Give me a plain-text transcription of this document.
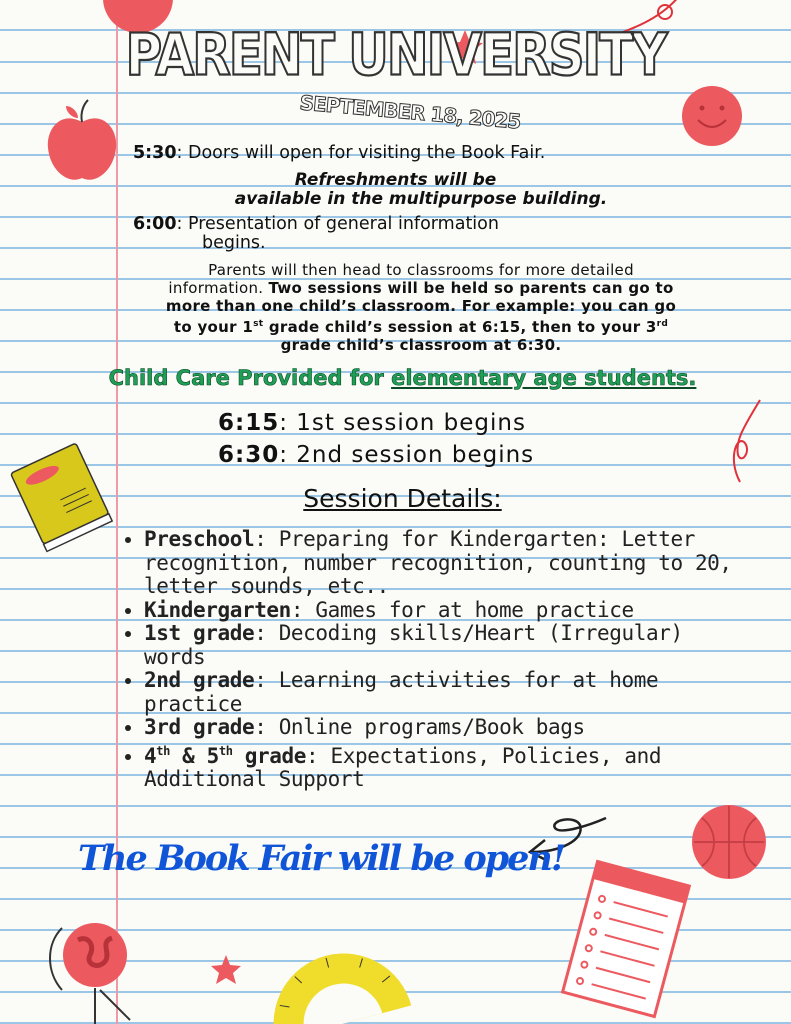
PARENT UNIVERSITY
SEPTEMBER 18, 2025
5:30: Doors will open for visiting the Book Fair.
Refreshments will be
available in the multipurpose building.
6:00: Presentation of general information
begins.
Parents will then head to classrooms for more detailed
information. Two sessions will be held so parents can go to
more than one child’s classroom. For example: you can go
to your 1st grade child’s session at 6:15, then to your 3rd
grade child’s classroom at 6:30.
Child Care Provided for elementary age students.
6:15: 1st session begins
6:30: 2nd session begins
Session Details:
• Preschool: Preparing for Kindergarten: Letter recognition, number recognition, counting to 20, letter sounds, etc..
• Kindergarten: Games for at home practice
• 1st grade: Decoding skills/Heart (Irregular) words
• 2nd grade: Learning activities for at home practice
• 3rd grade: Online programs/Book bags
• 4th & 5th grade: Expectations, Policies, and Additional Support
The Book Fair will be open!
